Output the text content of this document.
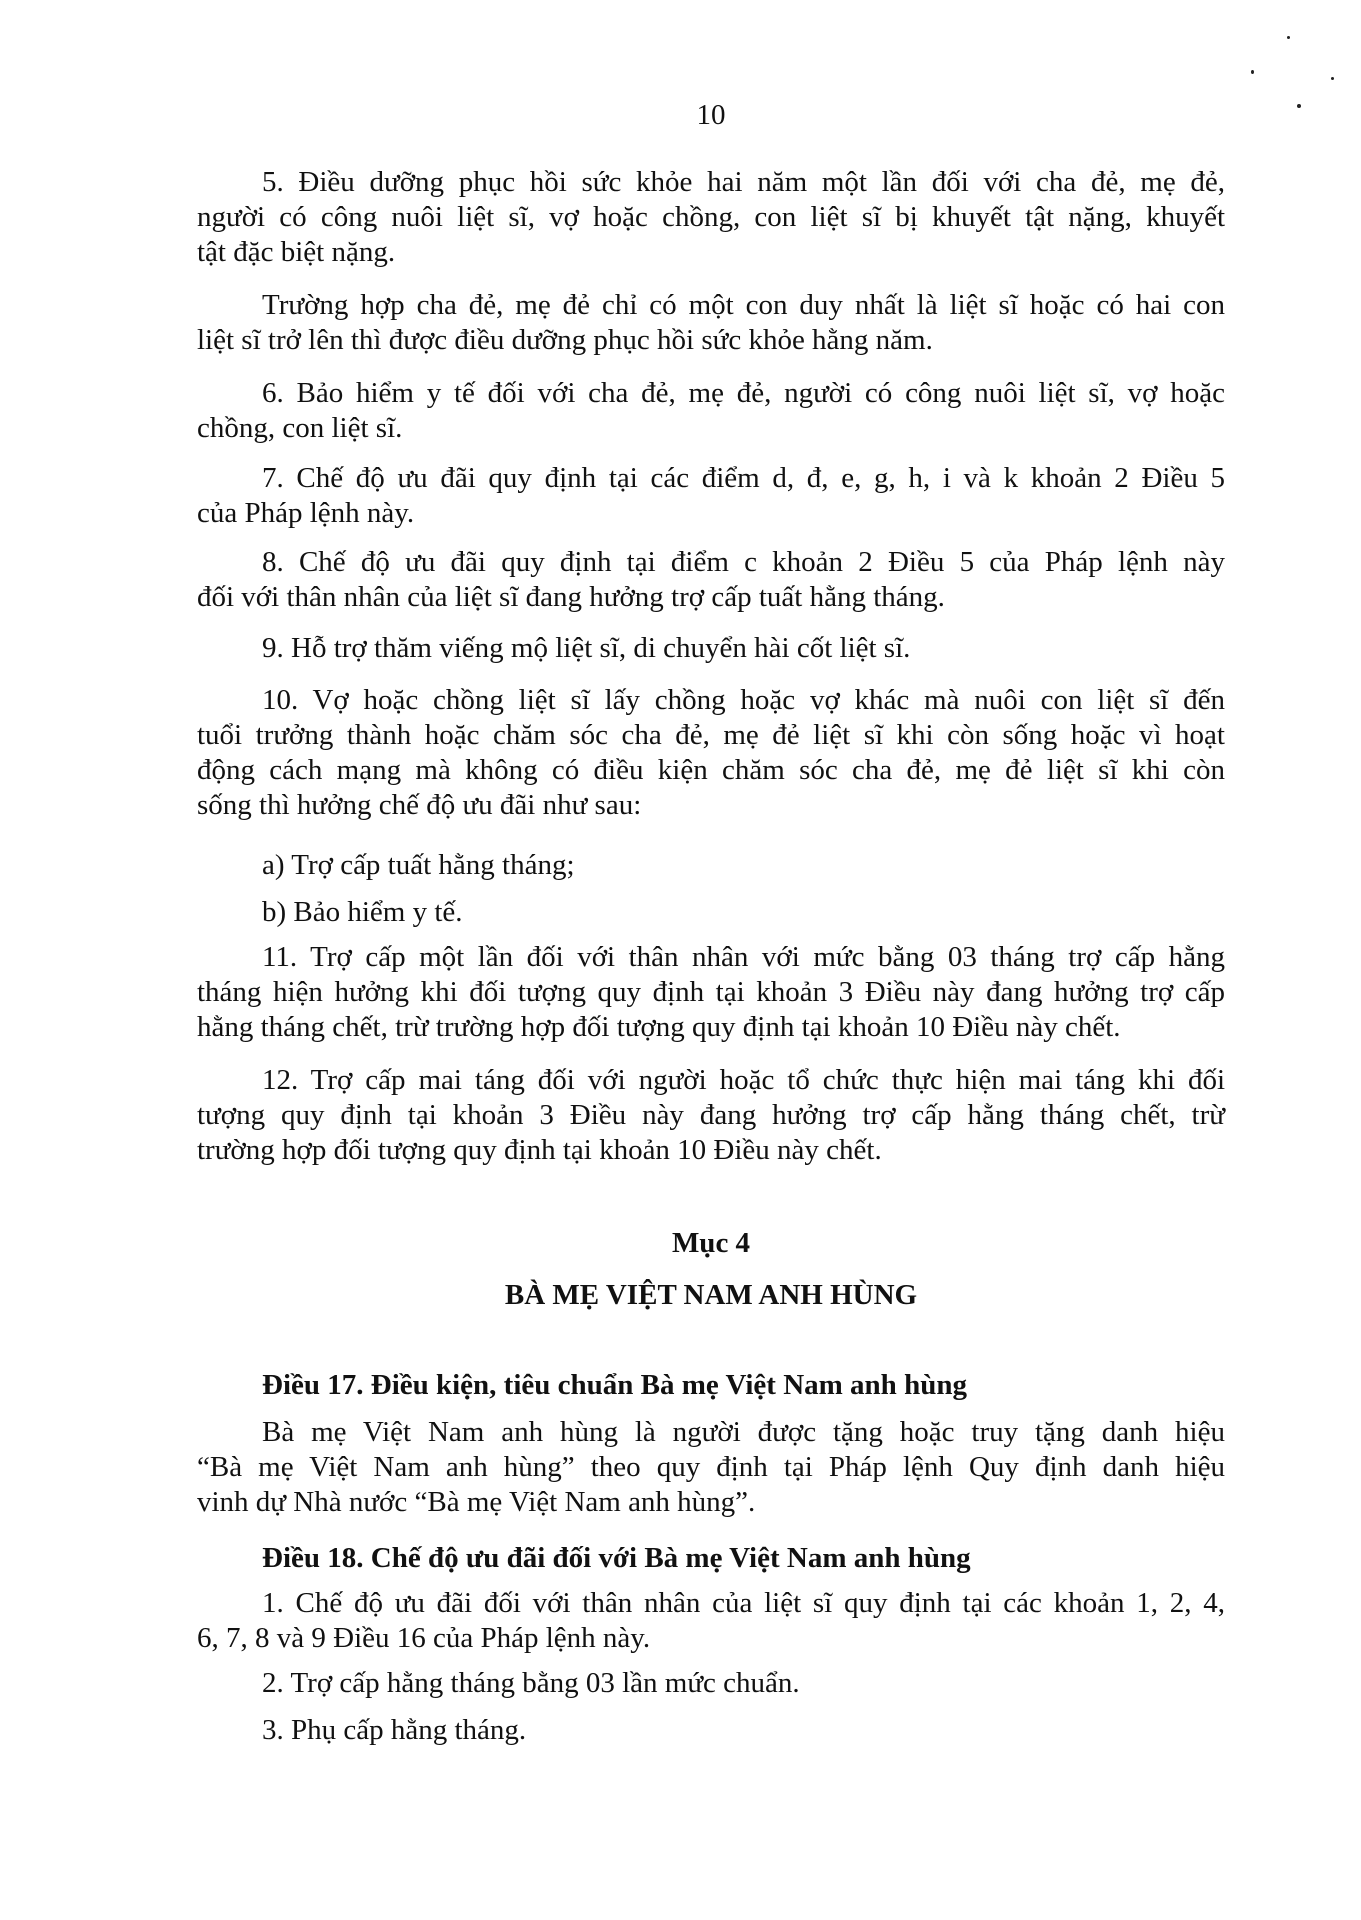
10
5. Điều dưỡng phục hồi sức khỏe hai năm một lần đối với cha đẻ, mẹ đẻ,
người có công nuôi liệt sĩ, vợ hoặc chồng, con liệt sĩ bị khuyết tật nặng, khuyết
tật đặc biệt nặng.
Trường hợp cha đẻ, mẹ đẻ chỉ có một con duy nhất là liệt sĩ hoặc có hai con
liệt sĩ trở lên thì được điều dưỡng phục hồi sức khỏe hằng năm.
6. Bảo hiểm y tế đối với cha đẻ, mẹ đẻ, người có công nuôi liệt sĩ, vợ hoặc
chồng, con liệt sĩ.
7. Chế độ ưu đãi quy định tại các điểm d, đ, e, g, h, i và k khoản 2 Điều 5
của Pháp lệnh này.
8. Chế độ ưu đãi quy định tại điểm c khoản 2 Điều 5 của Pháp lệnh này
đối với thân nhân của liệt sĩ đang hưởng trợ cấp tuất hằng tháng.
9. Hỗ trợ thăm viếng mộ liệt sĩ, di chuyển hài cốt liệt sĩ.
10. Vợ hoặc chồng liệt sĩ lấy chồng hoặc vợ khác mà nuôi con liệt sĩ đến
tuổi trưởng thành hoặc chăm sóc cha đẻ, mẹ đẻ liệt sĩ khi còn sống hoặc vì hoạt
động cách mạng mà không có điều kiện chăm sóc cha đẻ, mẹ đẻ liệt sĩ khi còn
sống thì hưởng chế độ ưu đãi như sau:
a) Trợ cấp tuất hằng tháng;
b) Bảo hiểm y tế.
11. Trợ cấp một lần đối với thân nhân với mức bằng 03 tháng trợ cấp hằng
tháng hiện hưởng khi đối tượng quy định tại khoản 3 Điều này đang hưởng trợ cấp
hằng tháng chết, trừ trường hợp đối tượng quy định tại khoản 10 Điều này chết.
12. Trợ cấp mai táng đối với người hoặc tổ chức thực hiện mai táng khi đối
tượng quy định tại khoản 3 Điều này đang hưởng trợ cấp hằng tháng chết, trừ
trường hợp đối tượng quy định tại khoản 10 Điều này chết.
Mục 4
BÀ MẸ VIỆT NAM ANH HÙNG
Điều 17. Điều kiện, tiêu chuẩn Bà mẹ Việt Nam anh hùng
Bà mẹ Việt Nam anh hùng là người được tặng hoặc truy tặng danh hiệu
“Bà mẹ Việt Nam anh hùng” theo quy định tại Pháp lệnh Quy định danh hiệu
vinh dự Nhà nước “Bà mẹ Việt Nam anh hùng”.
Điều 18. Chế độ ưu đãi đối với Bà mẹ Việt Nam anh hùng
1. Chế độ ưu đãi đối với thân nhân của liệt sĩ quy định tại các khoản 1, 2, 4,
6, 7, 8 và 9 Điều 16 của Pháp lệnh này.
2. Trợ cấp hằng tháng bằng 03 lần mức chuẩn.
3. Phụ cấp hằng tháng.
